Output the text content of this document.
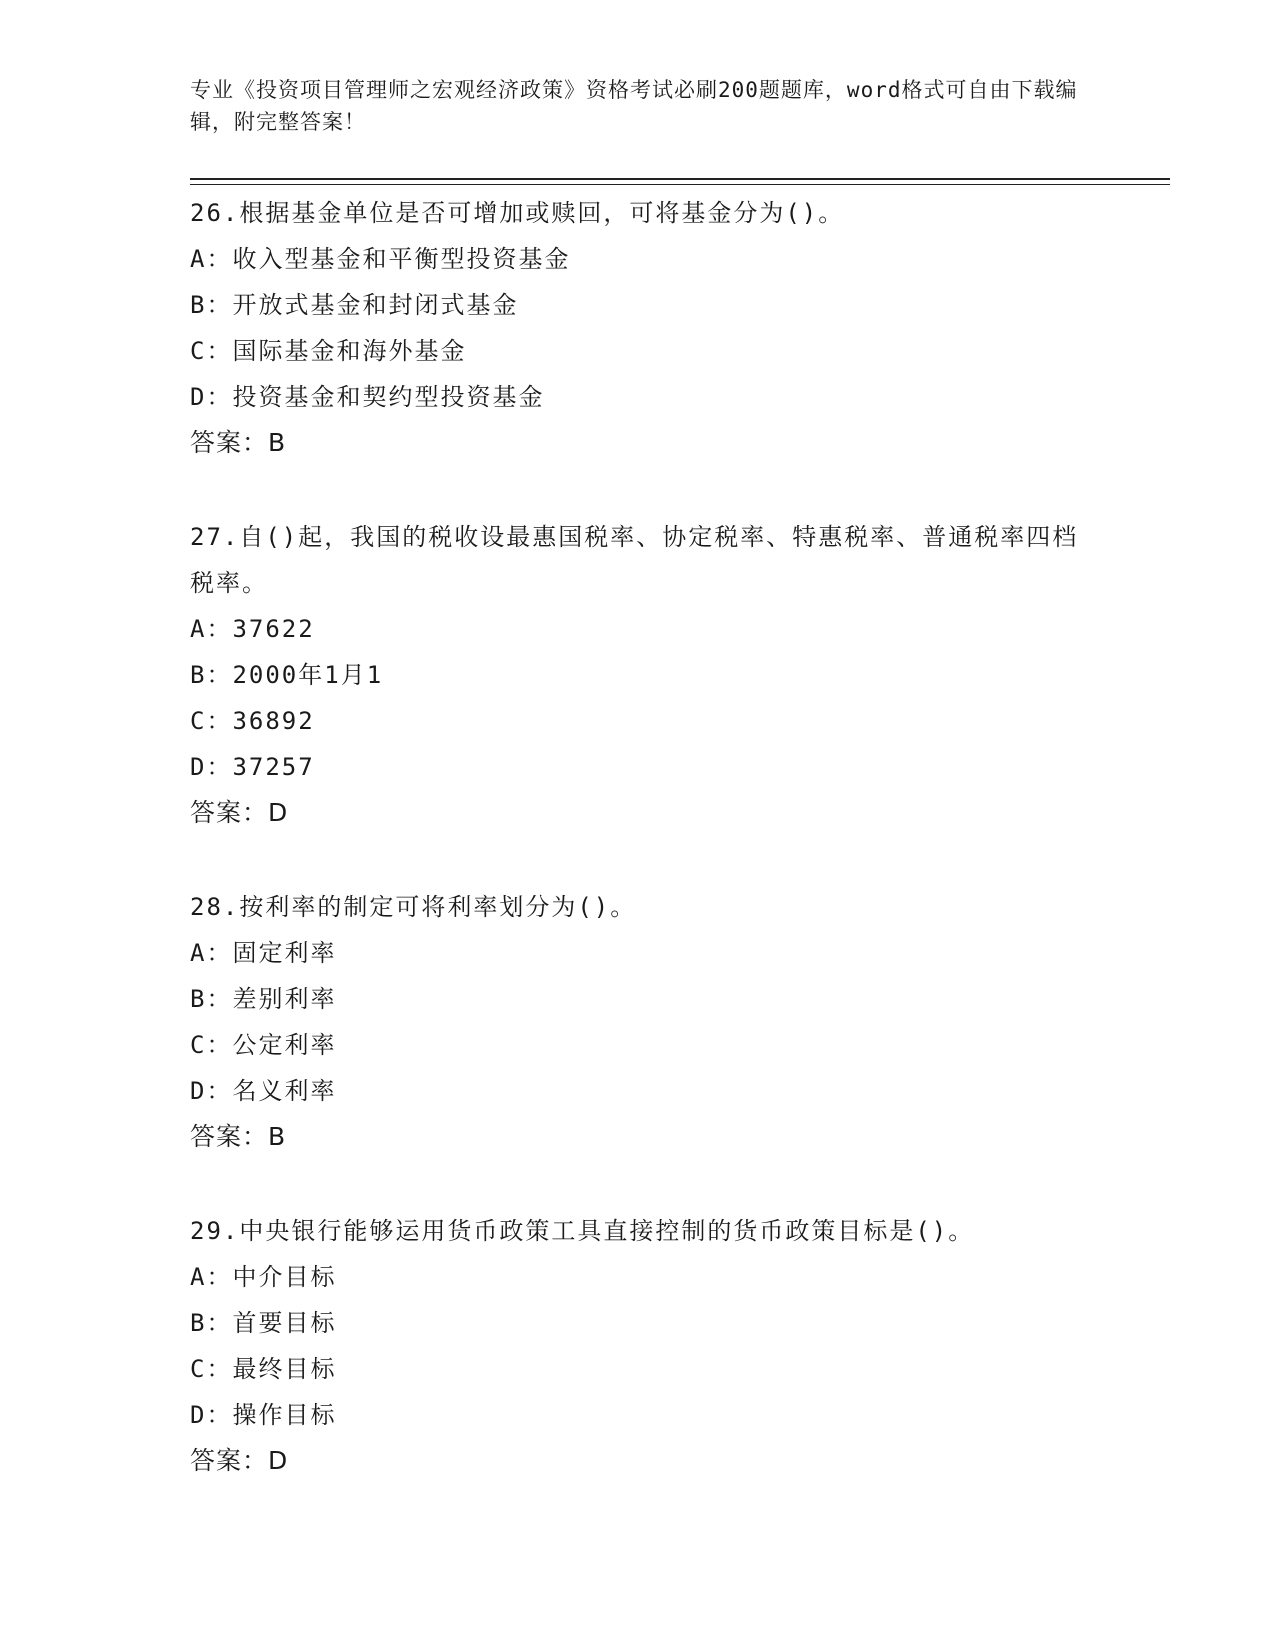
专业《投资项目管理师之宏观经济政策》资格考试必刷200题题库，word格式可自由下载编辑，附完整答案！

26.根据基金单位是否可增加或赎回，可将基金分为()。

A：收入型基金和平衡型投资基金

B：开放式基金和封闭式基金

C：国际基金和海外基金

D：投资基金和契约型投资基金

答案：B

27.自()起，我国的税收设最惠国税率、协定税率、特惠税率、普通税率四档税率。

A：37622

B：2000年1月1

C：36892

D：37257

答案：D

28.按利率的制定可将利率划分为()。

A：固定利率

B：差别利率

C：公定利率

D：名义利率

答案：B

29.中央银行能够运用货币政策工具直接控制的货币政策目标是()。

A：中介目标

B：首要目标

C：最终目标

D：操作目标

答案：D
